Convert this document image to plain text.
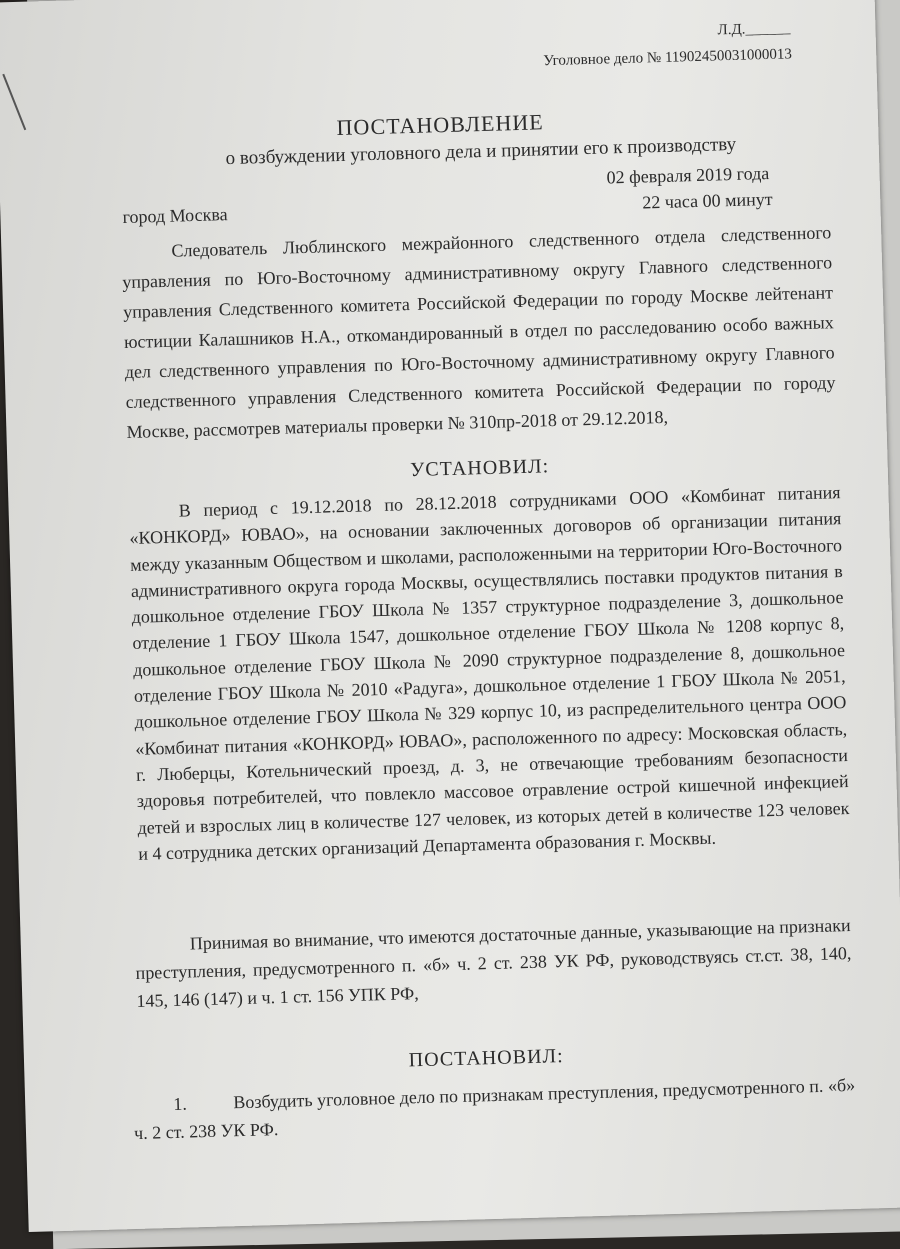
Л.Д.______
Уголовное дело № 11902450031000013
ПОСТАНОВЛЕНИЕ
о возбуждении уголовного дела и принятии его к производству
02 февраля 2019 года
город Москва
22 часа 00 минут
Следователь Люблинского межрайонного следственного отдела следственного управления по Юго-Восточному административному округу Главного следственного управления Следственного комитета Российской Федерации по городу Москве лейтенант юстиции Калашников Н.А., откомандированный в отдел по расследованию особо важных дел следственного управления по Юго-Восточному административному округу Главного следственного управления Следственного комитета Российской Федерации по городу Москве, рассмотрев материалы проверки № 310пр-2018 от 29.12.2018,
УСТАНОВИЛ:
В период с 19.12.2018 по 28.12.2018 сотрудниками ООО «Комбинат питания «КОНКОРД» ЮВАО», на основании заключенных договоров об организации питания между указанным Обществом и школами, расположенными на территории Юго-Восточного административного округа города Москвы, осуществлялись поставки продуктов питания в дошкольное отделение ГБОУ Школа № 1357 структурное подразделение 3, дошкольное отделение 1 ГБОУ Школа 1547, дошкольное отделение ГБОУ Школа № 1208 корпус 8, дошкольное отделение ГБОУ Школа № 2090 структурное подразделение 8, дошкольное отделение ГБОУ Школа № 2010 «Радуга», дошкольное отделение 1 ГБОУ Школа № 2051, дошкольное отделение ГБОУ Школа № 329 корпус 10, из распределительного центра ООО «Комбинат питания «КОНКОРД» ЮВАО», расположенного по адресу: Московская область, г. Люберцы, Котельнический проезд, д. 3, не отвечающие требованиям безопасности здоровья потребителей, что повлекло массовое отравление острой кишечной инфекцией детей и взрослых лиц в количестве 127 человек, из которых детей в количестве 123 человек и 4 сотрудника детских организаций Департамента образования г. Москвы.
Принимая во внимание, что имеются достаточные данные, указывающие на признаки преступления, предусмотренного п. «б» ч. 2 ст. 238 УК РФ, руководствуясь ст.ст. 38, 140, 145, 146 (147) и ч. 1 ст. 156 УПК РФ,
ПОСТАНОВИЛ:
1.	Возбудить уголовное дело по признакам преступления, предусмотренного п. «б» ч. 2 ст. 238 УК РФ.
